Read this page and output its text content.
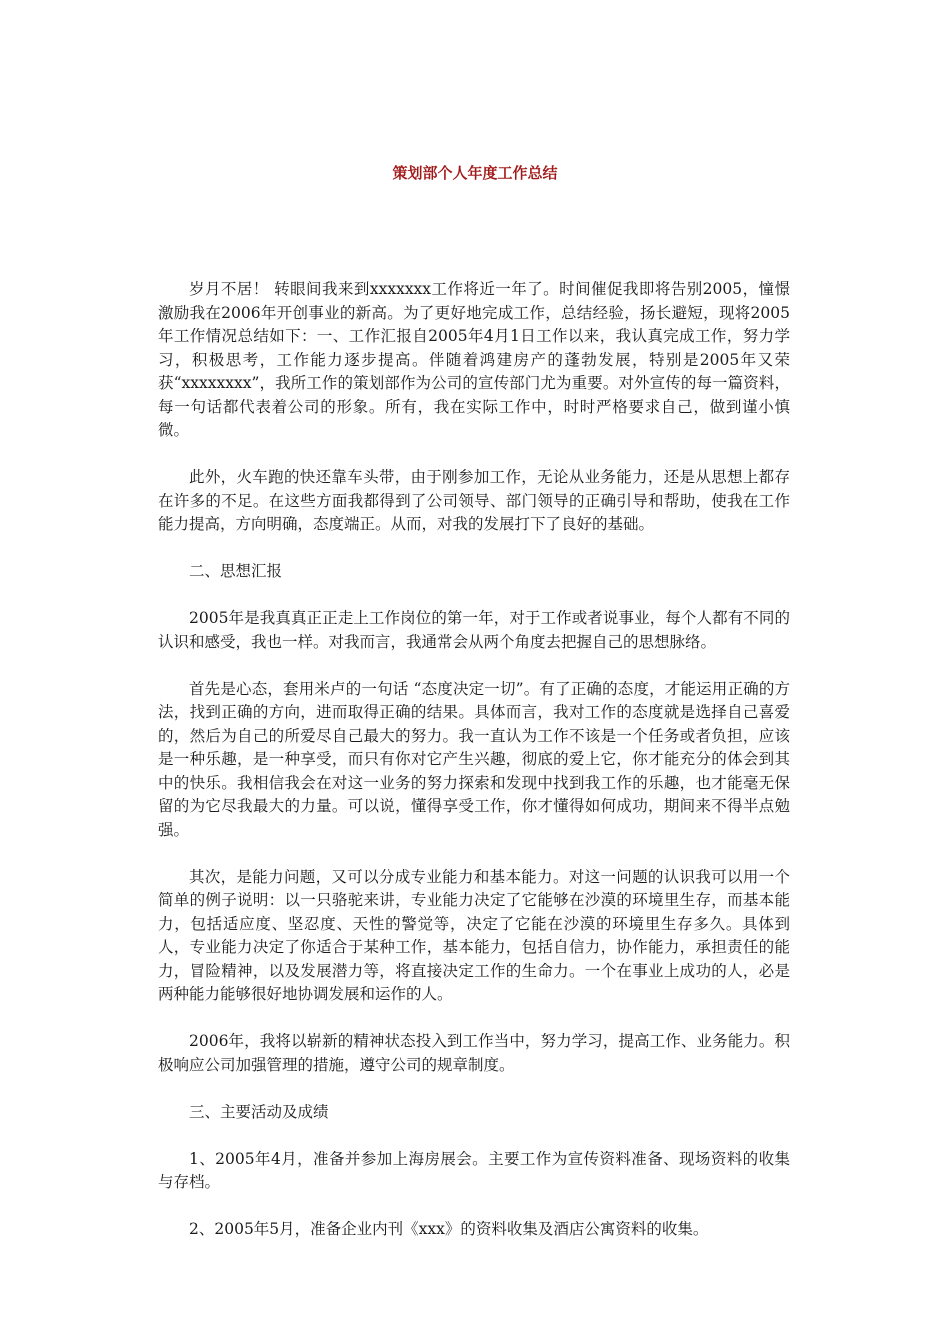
策划部个人年度工作总结

岁月不居！ 转眼间我来到xxxxxxx工作将近一年了。时间催促我即将告别2005，憧憬激励我在2006年开创事业的新高。为了更好地完成工作，总结经验，扬长避短，现将2005年工作情况总结如下：一、工作汇报自2005年4月1日工作以来，我认真完成工作，努力学习，积极思考，工作能力逐步提高。伴随着鸿建房产的蓬勃发展，特别是2005年又荣获“xxxxxxxx”，我所工作的策划部作为公司的宣传部门尤为重要。对外宣传的每一篇资料，每一句话都代表着公司的形象。所有，我在实际工作中，时时严格要求自己，做到谨小慎微。

此外，火车跑的快还靠车头带，由于刚参加工作，无论从业务能力，还是从思想上都存在许多的不足。在这些方面我都得到了公司领导、部门领导的正确引导和帮助，使我在工作能力提高，方向明确，态度端正。从而，对我的发展打下了良好的基础。

二、思想汇报

2005年是我真真正正走上工作岗位的第一年，对于工作或者说事业，每个人都有不同的认识和感受，我也一样。对我而言，我通常会从两个角度去把握自己的思想脉络。

首先是心态，套用米卢的一句话 “态度决定一切”。有了正确的态度，才能运用正确的方法，找到正确的方向，进而取得正确的结果。具体而言，我对工作的态度就是选择自己喜爱的，然后为自己的所爱尽自己最大的努力。我一直认为工作不该是一个任务或者负担，应该是一种乐趣，是一种享受，而只有你对它产生兴趣，彻底的爱上它，你才能充分的体会到其中的快乐。我相信我会在对这一业务的努力探索和发现中找到我工作的乐趣，也才能毫无保留的为它尽我最大的力量。可以说，懂得享受工作，你才懂得如何成功，期间来不得半点勉强。

其次，是能力问题，又可以分成专业能力和基本能力。对这一问题的认识我可以用一个简单的例子说明：以一只骆驼来讲，专业能力决定了它能够在沙漠的环境里生存，而基本能力，包括适应度、坚忍度、天性的警觉等，决定了它能在沙漠的环境里生存多久。具体到人，专业能力决定了你适合于某种工作，基本能力，包括自信力，协作能力，承担责任的能力，冒险精神，以及发展潜力等，将直接决定工作的生命力。一个在事业上成功的人，必是两种能力能够很好地协调发展和运作的人。

2006年，我将以崭新的精神状态投入到工作当中，努力学习，提高工作、业务能力。积极响应公司加强管理的措施，遵守公司的规章制度。

三、主要活动及成绩

1、2005年4月，准备并参加上海房展会。主要工作为宣传资料准备、现场资料的收集与存档。

2、2005年5月，准备企业内刊《xxx》的资料收集及酒店公寓资料的收集。
